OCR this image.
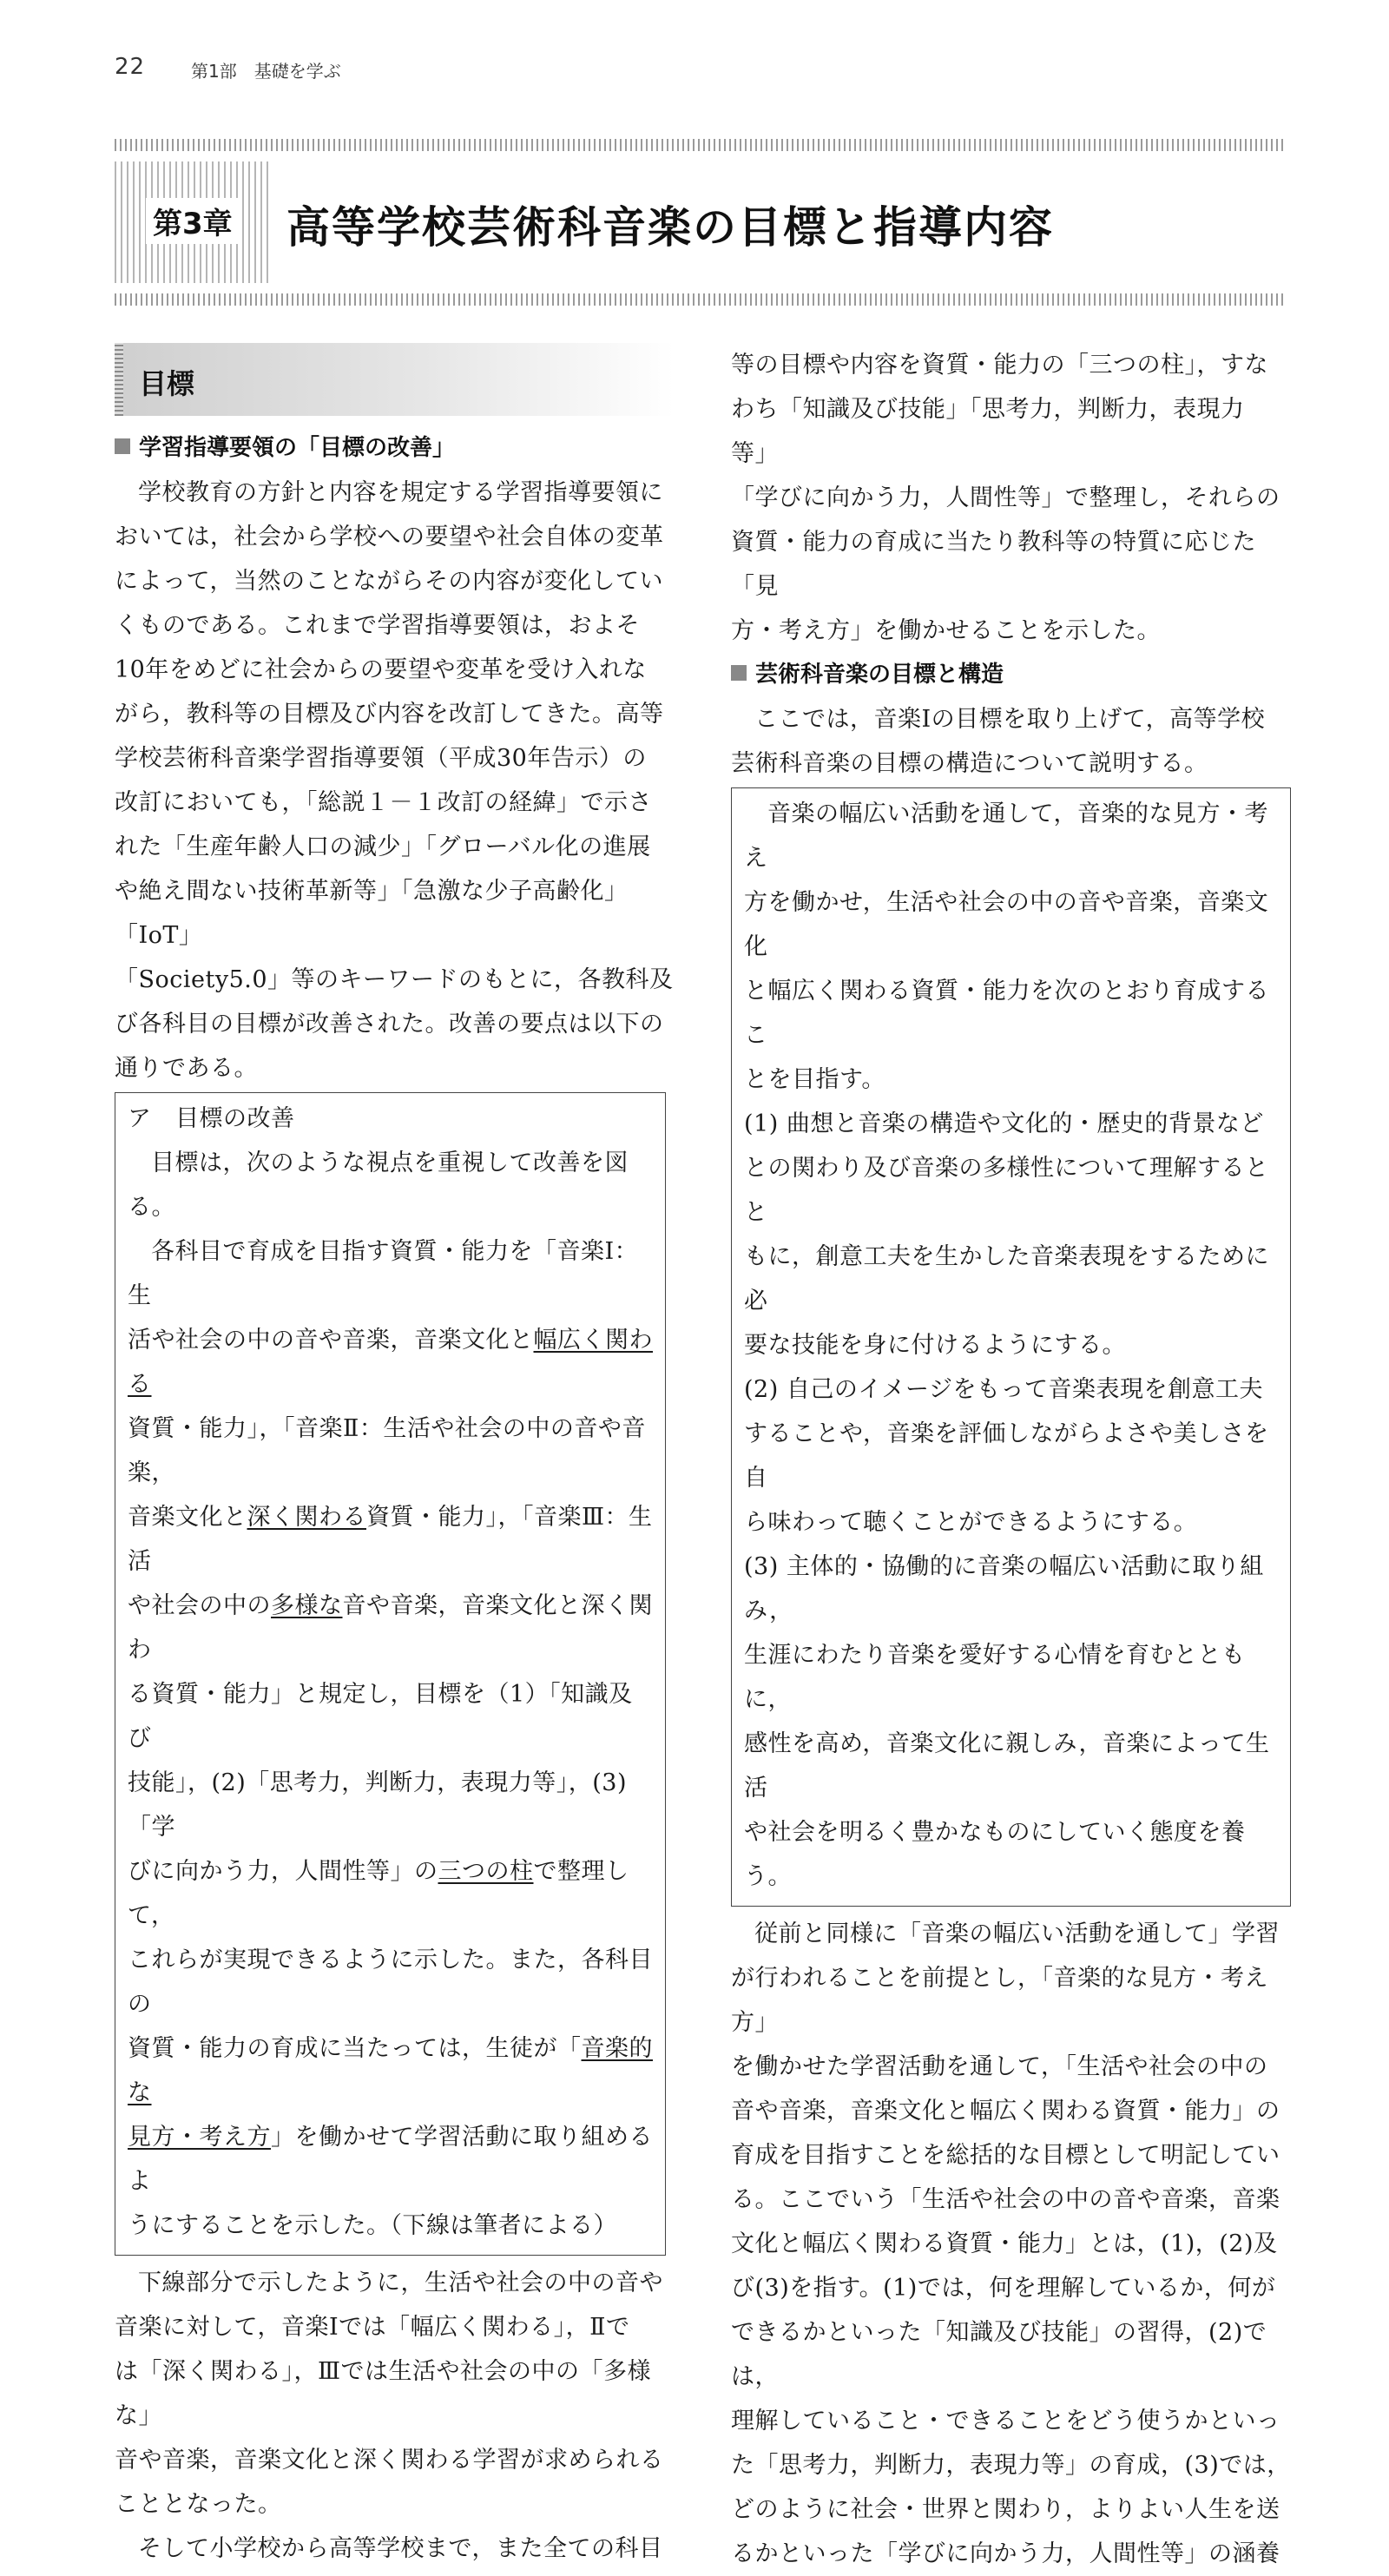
22	第1部　基礎を学ぶ
第3章 高等学校芸術科音楽の目標と指導内容
目標

学習指導要領の「目標の改善」

学校教育の方針と内容を規定する学習指導要領に
おいては，社会から学校への要望や社会自体の変革
によって，当然のことながらその内容が変化してい
くものである。これまで学習指導要領は，およそ
10年をめどに社会からの要望や変革を受け入れな
がら，教科等の目標及び内容を改訂してきた。高等
学校芸術科音楽学習指導要領（平成30年告示）の
改訂においても，「総説１－１改訂の経緯」で示さ
れた「生産年齢人口の減少」「グローバル化の進展
や絶え間ない技術革新等」「急激な少子高齢化」「IoT」
「Society5.0」等のキーワードのもとに，各教科及
び各科目の目標が改善された。改善の要点は以下の
通りである。

ア　目標の改善

目標は，次のような視点を重視して改善を図る。

各科目で育成を目指す資質・能力を「音楽Ⅰ：生
活や社会の中の音や音楽，音楽文化と幅広く関わる
資質・能力」，「音楽Ⅱ：生活や社会の中の音や音楽，
音楽文化と深く関わる資質・能力」，「音楽Ⅲ：生活
や社会の中の多様な音や音楽，音楽文化と深く関わ
る資質・能力」と規定し，目標を（1）「知識及び
技能」，(2)「思考力，判断力，表現力等」，(3)「学
びに向かう力，人間性等」の三つの柱で整理して，
これらが実現できるように示した。また，各科目の
資質・能力の育成に当たっては，生徒が「音楽的な
見方・考え方」を働かせて学習活動に取り組めるよ
うにすることを示した。（下線は筆者による）

下線部分で示したように，生活や社会の中の音や
音楽に対して，音楽Ⅰでは「幅広く関わる」，Ⅱで
は「深く関わる」，Ⅲでは生活や社会の中の「多様な」
音や音楽，音楽文化と深く関わる学習が求められる
こととなった。

そして小学校から高等学校まで，また全ての科目

等の目標や内容を資質・能力の「三つの柱」，すな
わち「知識及び技能」「思考力，判断力，表現力等」
「学びに向かう力，人間性等」で整理し，それらの
資質・能力の育成に当たり教科等の特質に応じた「見
方・考え方」を働かせることを示した。

芸術科音楽の目標と構造

ここでは，音楽Ⅰの目標を取り上げて，高等学校
芸術科音楽の目標の構造について説明する。

音楽の幅広い活動を通して，音楽的な見方・考え
方を働かせ，生活や社会の中の音や音楽，音楽文化
と幅広く関わる資質・能力を次のとおり育成するこ
とを目指す。

(1) 曲想と音楽の構造や文化的・歴史的背景など
との関わり及び音楽の多様性について理解するとと
もに，創意工夫を生かした音楽表現をするために必
要な技能を身に付けるようにする。

(2) 自己のイメージをもって音楽表現を創意工夫
することや，音楽を評価しながらよさや美しさを自
ら味わって聴くことができるようにする。

(3) 主体的・協働的に音楽の幅広い活動に取り組み，
生涯にわたり音楽を愛好する心情を育むとともに，
感性を高め，音楽文化に親しみ，音楽によって生活
や社会を明るく豊かなものにしていく態度を養う。

従前と同様に「音楽の幅広い活動を通して」学習
が行われることを前提とし，「音楽的な見方・考え方」
を働かせた学習活動を通して，「生活や社会の中の
音や音楽，音楽文化と幅広く関わる資質・能力」の
育成を目指すことを総括的な目標として明記してい
る。ここでいう「生活や社会の中の音や音楽，音楽
文化と幅広く関わる資質・能力」とは，(1)，(2)及
び(3)を指す。(1)では，何を理解しているか，何が
できるかといった「知識及び技能」の習得，(2)では，
理解していること・できることをどう使うかといっ
た「思考力，判断力，表現力等」の育成，(3)では，
どのように社会・世界と関わり，よりよい人生を送
るかといった「学びに向かう力，人間性等」の涵養
